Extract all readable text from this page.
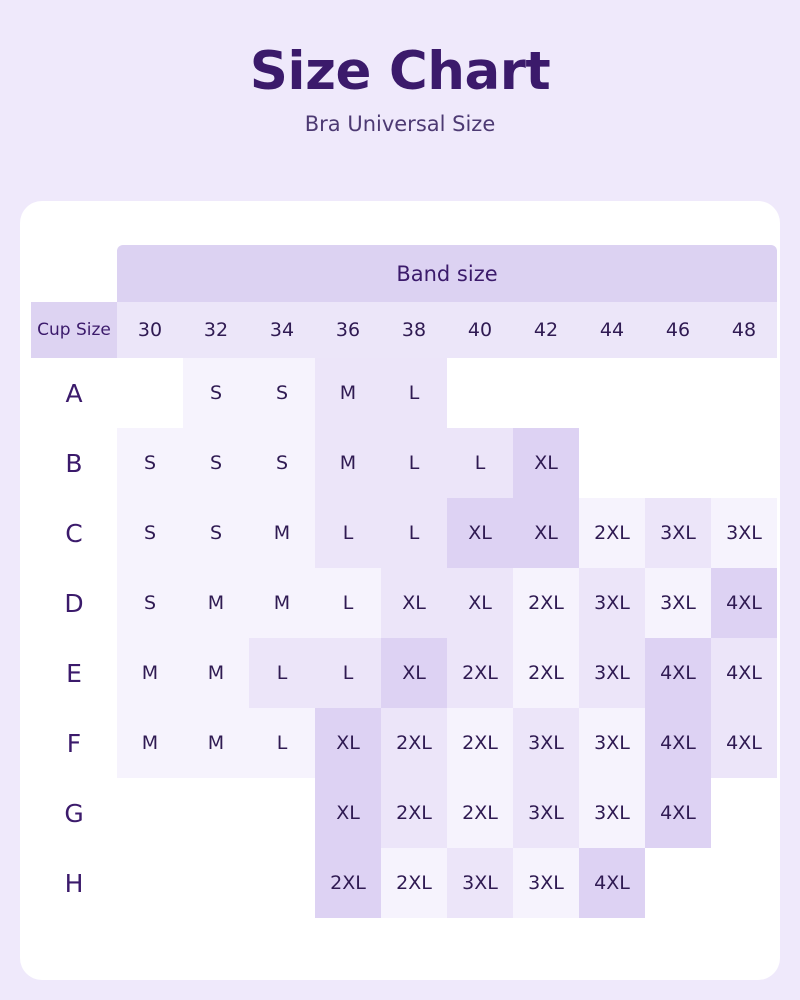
Size Chart
Bra Universal Size
	Band size									
Cup Size	30	32	34	36	38	40	42	44	46	48
A		S	S	M	L					
B	S	S	S	M	L	L	XL			
C	S	S	M	L	L	XL	XL	2XL	3XL	3XL
D	S	M	M	L	XL	XL	2XL	3XL	3XL	4XL
E	M	M	L	L	XL	2XL	2XL	3XL	4XL	4XL
F	M	M	L	XL	2XL	2XL	3XL	3XL	4XL	4XL
G				XL	2XL	2XL	3XL	3XL	4XL	
H				2XL	2XL	3XL	3XL	4XL		
